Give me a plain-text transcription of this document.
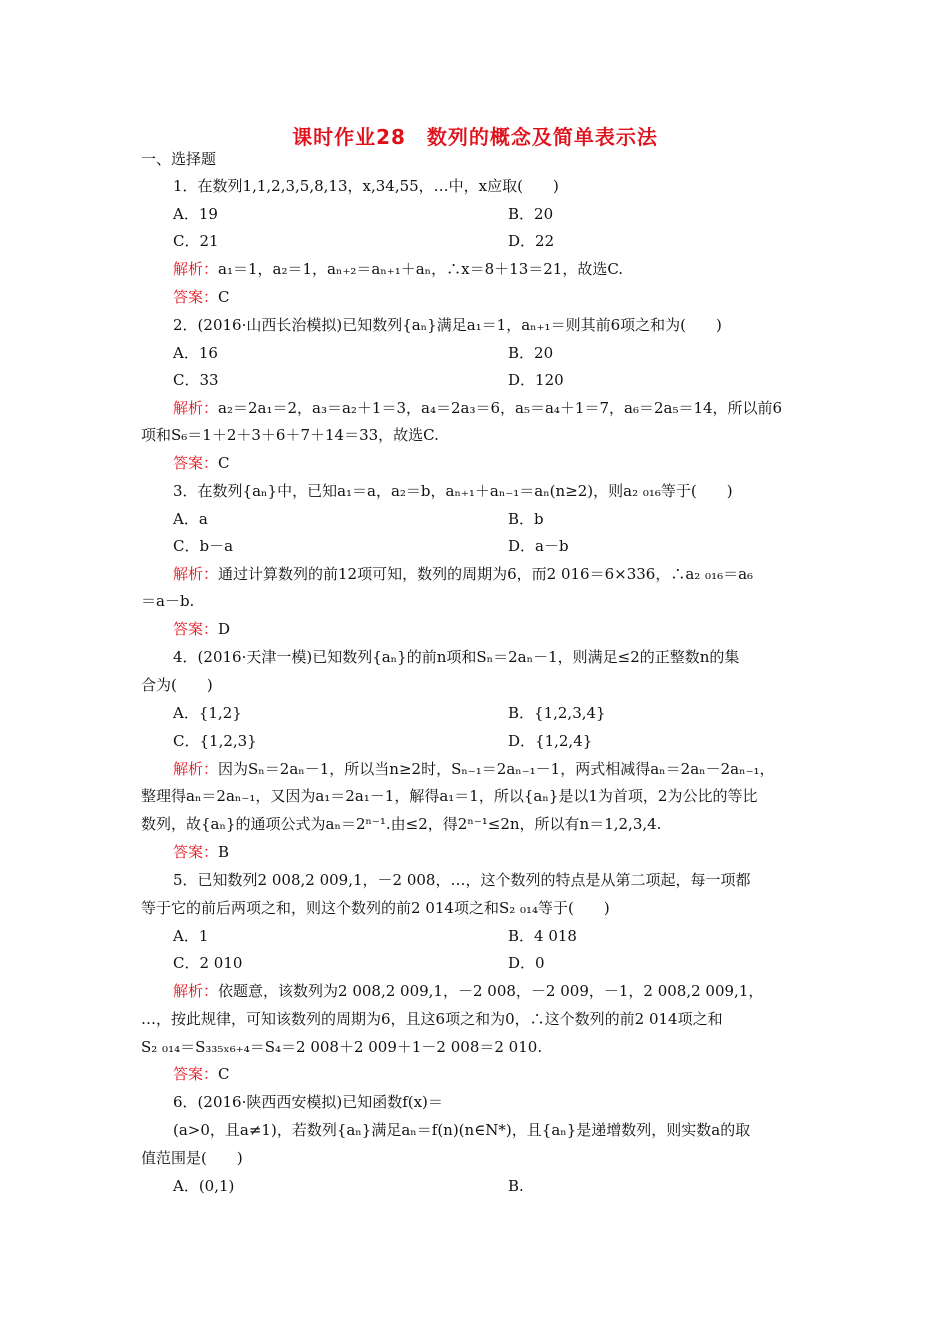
课时作业28　数列的概念及简单表示法
一、选择题
1．在数列1,1,2,3,5,8,13，x,34,55，…中，x应取(　　)
A．19	B．20
C．21	D．22
解析：a₁＝1，a₂＝1，aₙ₊₂＝aₙ₊₁＋aₙ，∴x＝8＋13＝21，故选C.
答案：C
2．(2016·山西长治模拟)已知数列{aₙ}满足a₁＝1，aₙ₊₁＝则其前6项之和为(　　)
A．16	B．20
C．33	D．120
解析：a₂＝2a₁＝2，a₃＝a₂＋1＝3，a₄＝2a₃＝6，a₅＝a₄＋1＝7，a₆＝2a₅＝14，所以前6
项和S₆＝1＋2＋3＋6＋7＋14＝33，故选C.
答案：C
3．在数列{aₙ}中，已知a₁＝a，a₂＝b，aₙ₊₁＋aₙ₋₁＝aₙ(n≥2)，则a₂ ₀₁₆等于(　　)
A．a	B．b
C．b－a	D．a－b
解析：通过计算数列的前12项可知，数列的周期为6，而2 016＝6×336，∴a₂ ₀₁₆＝a₆
＝a－b.
答案：D
4．(2016·天津一模)已知数列{aₙ}的前n项和Sₙ＝2aₙ－1，则满足≤2的正整数n的集
合为(　　)
A．{1,2}	B．{1,2,3,4}
C．{1,2,3}	D．{1,2,4}
解析：因为Sₙ＝2aₙ－1，所以当n≥2时，Sₙ₋₁＝2aₙ₋₁－1，两式相减得aₙ＝2aₙ－2aₙ₋₁，
整理得aₙ＝2aₙ₋₁，又因为a₁＝2a₁－1，解得a₁＝1，所以{aₙ}是以1为首项，2为公比的等比
数列，故{aₙ}的通项公式为aₙ＝2ⁿ⁻¹.由≤2，得2ⁿ⁻¹≤2n，所以有n＝1,2,3,4.
答案：B
5．已知数列2 008,2 009,1，－2 008，…，这个数列的特点是从第二项起，每一项都
等于它的前后两项之和，则这个数列的前2 014项之和S₂ ₀₁₄等于(　　)
A．1	B．4 018
C．2 010	D．0
解析：依题意，该数列为2 008,2 009,1，－2 008，－2 009，－1，2 008,2 009,1，
…，按此规律，可知该数列的周期为6，且这6项之和为0，∴这个数列的前2 014项之和
S₂ ₀₁₄＝S₃₃₅ₓ₆₊₄＝S₄＝2 008＋2 009＋1－2 008＝2 010.
答案：C
6．(2016·陕西西安模拟)已知函数f(x)＝
(a>0，且a≠1)，若数列{aₙ}满足aₙ＝f(n)(n∈N*)，且{aₙ}是递增数列，则实数a的取
值范围是(　　)
A．(0,1)	B.
